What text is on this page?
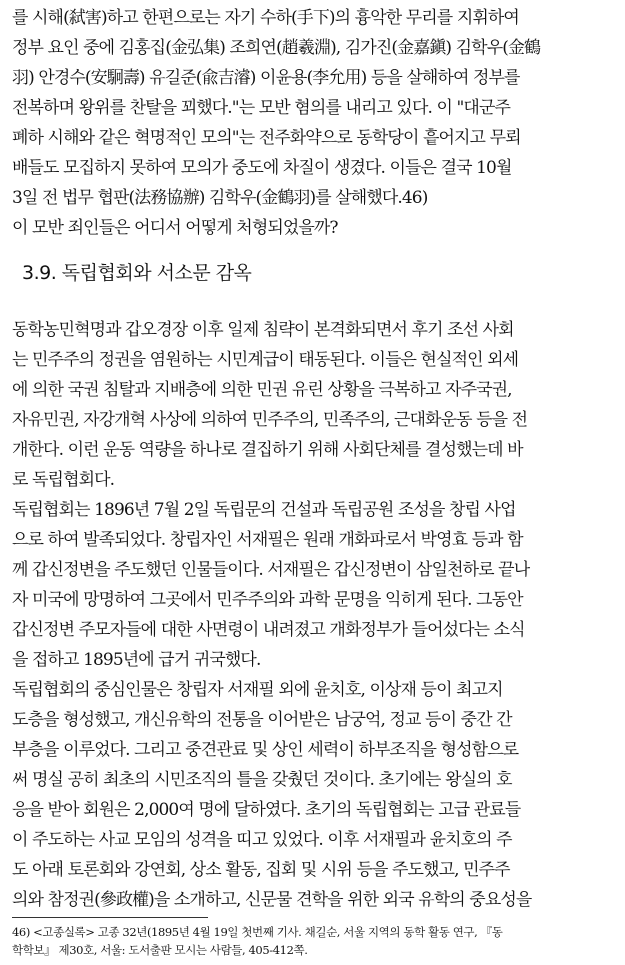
를 시해(弑害)하고 한편으로는 자기 수하(手下)의 흉악한 무리를 지휘하여
정부 요인 중에 김홍집(金弘集) 조희연(趙羲淵), 김가진(金嘉鎭) 김학우(金鶴
羽) 안경수(安駉壽) 유길준(兪吉濬) 이윤용(李允用) 등을 살해하여 정부를
전복하며 왕위를 찬탈을 꾀했다."는 모반 혐의를 내리고 있다. 이 "대군주
폐하 시해와 같은 혁명적인 모의"는 전주화약으로 동학당이 흩어지고 무뢰
배들도 모집하지 못하여 모의가 중도에 차질이 생겼다. 이들은 결국 10월
3일 전 법무 협판(法務協辦) 김학우(金鶴羽)를 살해했다.46)
이 모반 죄인들은 어디서 어떻게 처형되었을까?
3.9. 독립협회와 서소문 감옥
동학농민혁명과 갑오경장 이후 일제 침략이 본격화되면서 후기 조선 사회
는 민주주의 정권을 염원하는 시민계급이 태동된다. 이들은 현실적인 외세
에 의한 국권 침탈과 지배층에 의한 민권 유린 상황을 극복하고 자주국권,
자유민권, 자강개혁 사상에 의하여 민주주의, 민족주의, 근대화운동 등을 전
개한다. 이런 운동 역량을 하나로 결집하기 위해 사회단체를 결성했는데 바
로 독립협회다.
독립협회는 1896년 7월 2일 독립문의 건설과 독립공원 조성을 창립 사업
으로 하여 발족되었다. 창립자인 서재필은 원래 개화파로서 박영효 등과 함
께 갑신정변을 주도했던 인물들이다. 서재필은 갑신정변이 삼일천하로 끝나
자 미국에 망명하여 그곳에서 민주주의와 과학 문명을 익히게 된다. 그동안
갑신정변 주모자들에 대한 사면령이 내려졌고 개화정부가 들어섰다는 소식
을 접하고 1895년에 급거 귀국했다.
독립협회의 중심인물은 창립자 서재필 외에 윤치호, 이상재 등이 최고지
도층을 형성했고, 개신유학의 전통을 이어받은 남궁억, 정교 등이 중간 간
부층을 이루었다. 그리고 중견관료 및 상인 세력이 하부조직을 형성함으로
써 명실 공히 최초의 시민조직의 틀을 갖췄던 것이다. 초기에는 왕실의 호
응을 받아 회원은 2,000여 명에 달하였다. 초기의 독립협회는 고급 관료들
이 주도하는 사교 모임의 성격을 띠고 있었다. 이후 서재필과 윤치호의 주
도 아래 토론회와 강연회, 상소 활동, 집회 및 시위 등을 주도했고, 민주주
의와 참정권(參政權)을 소개하고, 신문물 견학을 위한 외국 유학의 중요성을
46) <고종실록> 고종 32년(1895년 4월 19일 첫번째 기사. 채길순, 서울 지역의 동학 활동 연구, 『동
학학보』 제30호, 서울: 도서출판 모시는 사람들, 405-412쪽.
